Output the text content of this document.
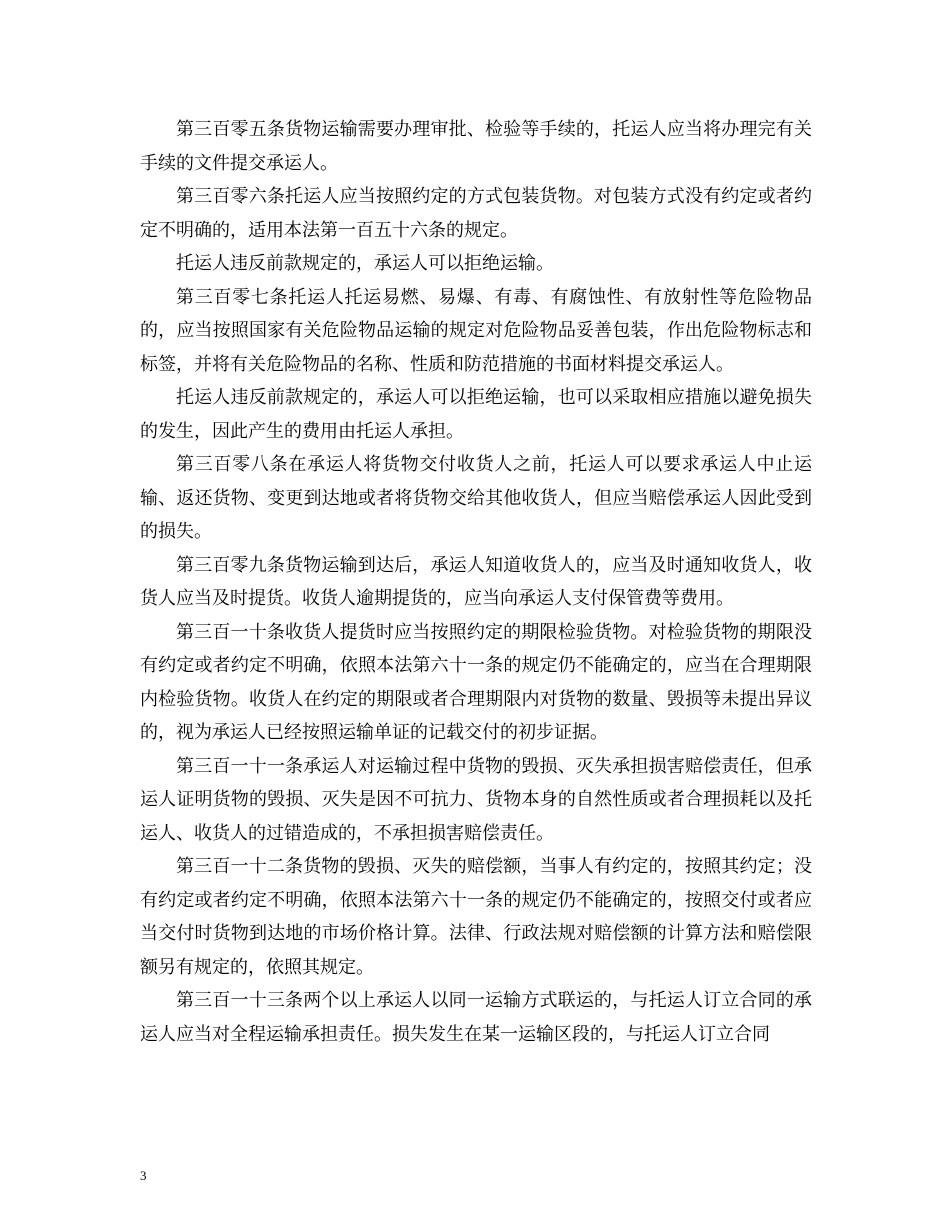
第三百零五条货物运输需要办理审批、检验等手续的，托运人应当将办理完有关手续的文件提交承运人。

第三百零六条托运人应当按照约定的方式包装货物。对包装方式没有约定或者约定不明确的，适用本法第一百五十六条的规定。

托运人违反前款规定的，承运人可以拒绝运输。

第三百零七条托运人托运易燃、易爆、有毒、有腐蚀性、有放射性等危险物品的，应当按照国家有关危险物品运输的规定对危险物品妥善包装，作出危险物标志和标签，并将有关危险物品的名称、性质和防范措施的书面材料提交承运人。

托运人违反前款规定的，承运人可以拒绝运输，也可以采取相应措施以避免损失的发生，因此产生的费用由托运人承担。

第三百零八条在承运人将货物交付收货人之前，托运人可以要求承运人中止运输、返还货物、变更到达地或者将货物交给其他收货人，但应当赔偿承运人因此受到的损失。

第三百零九条货物运输到达后，承运人知道收货人的，应当及时通知收货人，收货人应当及时提货。收货人逾期提货的，应当向承运人支付保管费等费用。

第三百一十条收货人提货时应当按照约定的期限检验货物。对检验货物的期限没有约定或者约定不明确，依照本法第六十一条的规定仍不能确定的，应当在合理期限内检验货物。收货人在约定的期限或者合理期限内对货物的数量、毁损等未提出异议的，视为承运人已经按照运输单证的记载交付的初步证据。

第三百一十一条承运人对运输过程中货物的毁损、灭失承担损害赔偿责任，但承运人证明货物的毁损、灭失是因不可抗力、货物本身的自然性质或者合理损耗以及托运人、收货人的过错造成的，不承担损害赔偿责任。

第三百一十二条货物的毁损、灭失的赔偿额，当事人有约定的，按照其约定；没有约定或者约定不明确，依照本法第六十一条的规定仍不能确定的，按照交付或者应当交付时货物到达地的市场价格计算。法律、行政法规对赔偿额的计算方法和赔偿限额另有规定的，依照其规定。

第三百一十三条两个以上承运人以同一运输方式联运的，与托运人订立合同的承运人应当对全程运输承担责任。损失发生在某一运输区段的，与托运人订立合同

3
